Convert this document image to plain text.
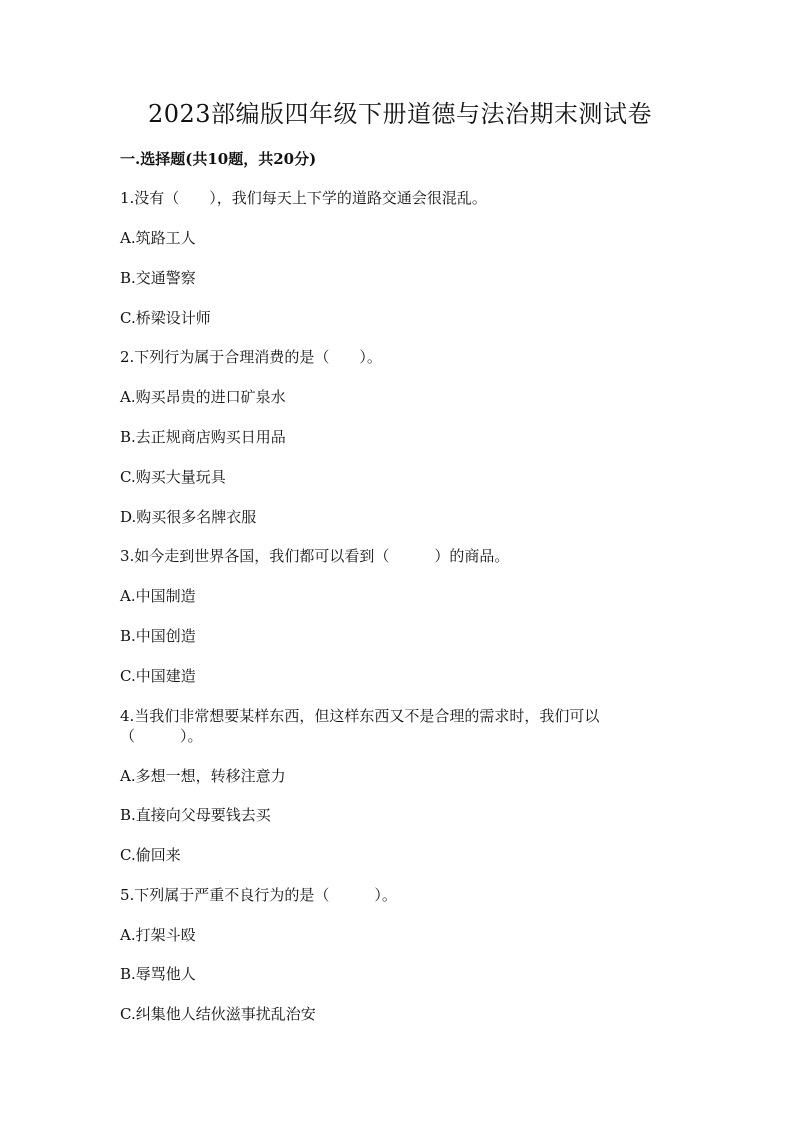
2023部编版四年级下册道德与法治期末测试卷
一.选择题(共10题，共20分)
1.没有（　　），我们每天上下学的道路交通会很混乱。
A.筑路工人
B.交通警察
C.桥梁设计师
2.下列行为属于合理消费的是（　　）。
A.购买昂贵的进口矿泉水
B.去正规商店购买日用品
C.购买大量玩具
D.购买很多名牌衣服
3.如今走到世界各国，我们都可以看到（　　　）的商品。
A.中国制造
B.中国创造
C.中国建造
4.当我们非常想要某样东西，但这样东西又不是合理的需求时，我们可以
（　　　）。
A.多想一想，转移注意力
B.直接向父母要钱去买
C.偷回来
5.下列属于严重不良行为的是（　　　）。
A.打架斗殴
B.辱骂他人
C.纠集他人结伙滋事扰乱治安
